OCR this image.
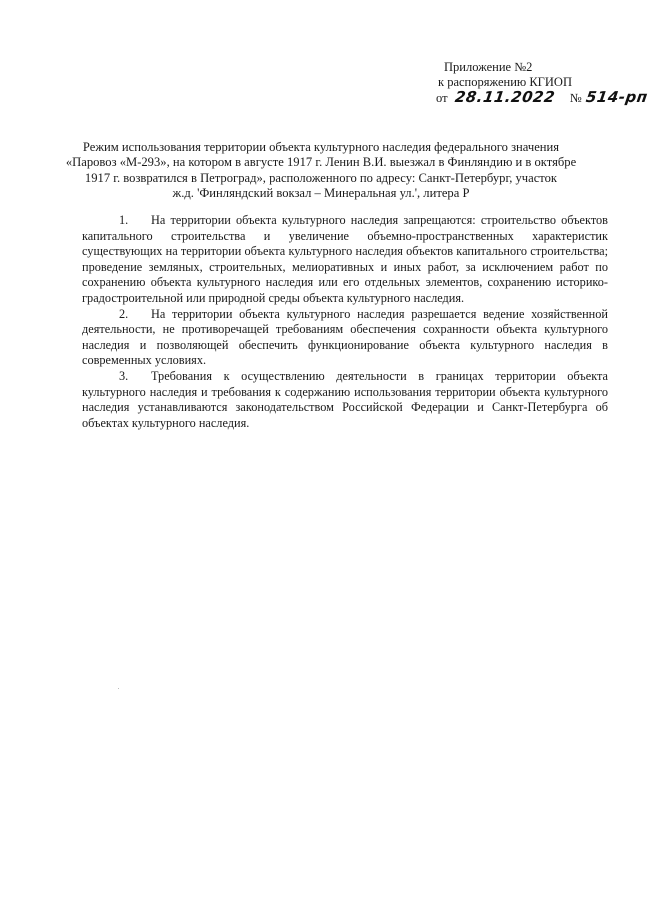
Приложение №2
к распоряжению КГИОП
от 28.11.2022 № 514-рп
Режим использования территории объекта культурного наследия федерального значения
«Паровоз «М-293», на котором в августе 1917 г. Ленин В.И. выезжал в Финляндию и в октябре
1917 г. возвратился в Петроград», расположенного по адресу: Санкт-Петербург, участок
ж.д. 'Финляндский вокзал – Минеральная ул.', литера Р

1. На территории объекта культурного наследия запрещаются: строительство объектов капитального строительства и увеличение объемно-пространственных характеристик существующих на территории объекта культурного наследия объектов капитального строительства; проведение земляных, строительных, мелиоративных и иных работ, за исключением работ по сохранению объекта культурного наследия или его отдельных элементов, сохранению историко-градостроительной или природной среды объекта культурного наследия.

2. На территории объекта культурного наследия разрешается ведение хозяйственной деятельности, не противоречащей требованиям обеспечения сохранности объекта культурного наследия и позволяющей обеспечить функционирование объекта культурного наследия в современных условиях.

3. Требования к осуществлению деятельности в границах территории объекта культурного наследия и требования к содержанию использования территории объекта культурного наследия устанавливаются законодательством Российской Федерации и Санкт-Петербурга об объектах культурного наследия.
